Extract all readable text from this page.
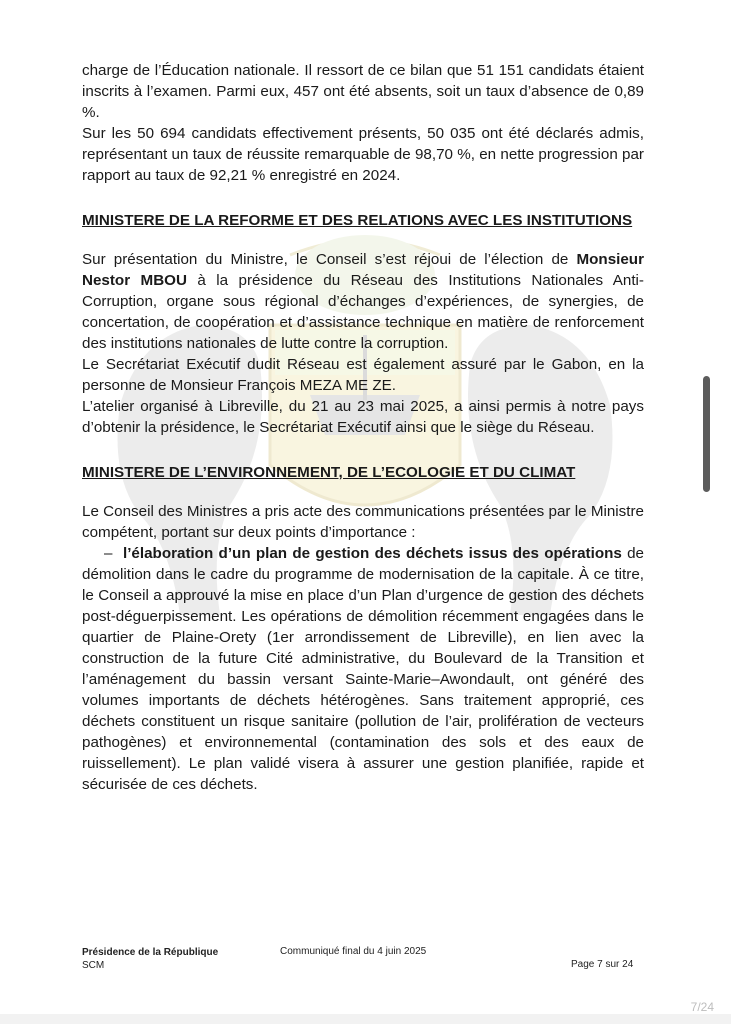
charge de l’Éducation nationale. Il ressort de ce bilan que 51 151 candidats étaient inscrits à l’examen. Parmi eux, 457 ont été absents, soit un taux d’absence de 0,89 %.

Sur les 50 694 candidats effectivement présents, 50 035 ont été déclarés admis, représentant un taux de réussite remarquable de 98,70 %, en nette progression par rapport au taux de 92,21 % enregistré en 2024.

MINISTERE DE LA REFORME ET DES RELATIONS AVEC LES INSTITUTIONS

Sur présentation du Ministre, le Conseil s’est réjoui de l’élection de Monsieur Nestor MBOU à la présidence du Réseau des Institutions Nationales Anti-Corruption, organe sous régional d’échanges d’expériences, de synergies, de concertation, de coopération et d’assistance technique en matière de renforcement des institutions nationales de lutte contre la corruption.

Le Secrétariat Exécutif dudit Réseau est également assuré par le Gabon, en la personne de Monsieur François MEZA ME ZE.

L’atelier organisé à Libreville, du 21 au 23 mai 2025, a ainsi permis à notre pays d’obtenir la présidence, le Secrétariat Exécutif ainsi que le siège du Réseau.

MINISTERE DE L’ENVIRONNEMENT, DE L’ECOLOGIE ET DU CLIMAT

Le Conseil des Ministres a pris acte des communications présentées par le Ministre compétent, portant sur deux points d’importance :

– l’élaboration d’un plan de gestion des déchets issus des opérations de démolition dans le cadre du programme de modernisation de la capitale. À ce titre, le Conseil a approuvé la mise en place d’un Plan d’urgence de gestion des déchets post-déguerpissement. Les opérations de démolition récemment engagées dans le quartier de Plaine-Orety (1er arrondissement de Libreville), en lien avec la construction de la future Cité administrative, du Boulevard de la Transition et l’aménagement du bassin versant Sainte-Marie–Awondault, ont généré des volumes importants de déchets hétérogènes. Sans traitement approprié, ces déchets constituent un risque sanitaire (pollution de l’air, prolifération de vecteurs pathogènes) et environnemental (contamination des sols et des eaux de ruissellement). Le plan validé visera à assurer une gestion planifiée, rapide et sécurisée de ces déchets.

Présidence de la République
SCM
Communiqué final du 4 juin 2025
Page 7 sur 24
7/24
